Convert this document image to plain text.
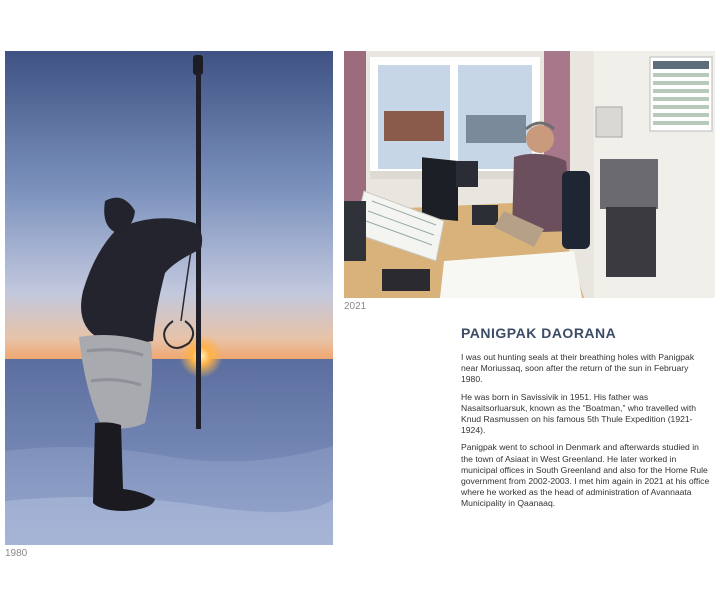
1980
2021
PANIGPAK DAORANA

I was out hunting seals at their breathing holes with Panigpak near Moriussaq, soon after the return of the sun in February 1980.

He was born in Savissivik in 1951. His father was Nasaitsorluarsuk, known as the “Boatman,” who travelled with Knud Rasmussen on his famous 5th Thule Expedition (1921-1924).

Panigpak went to school in Denmark and afterwards studied in the town of Asiaat in West Greenland. He later worked in municipal offices in South Greenland and also for the Home Rule government from 2002-2003. I met him again in 2021 at his office where he worked as the head of administration of Avannaata Municipality in Qaanaaq.
